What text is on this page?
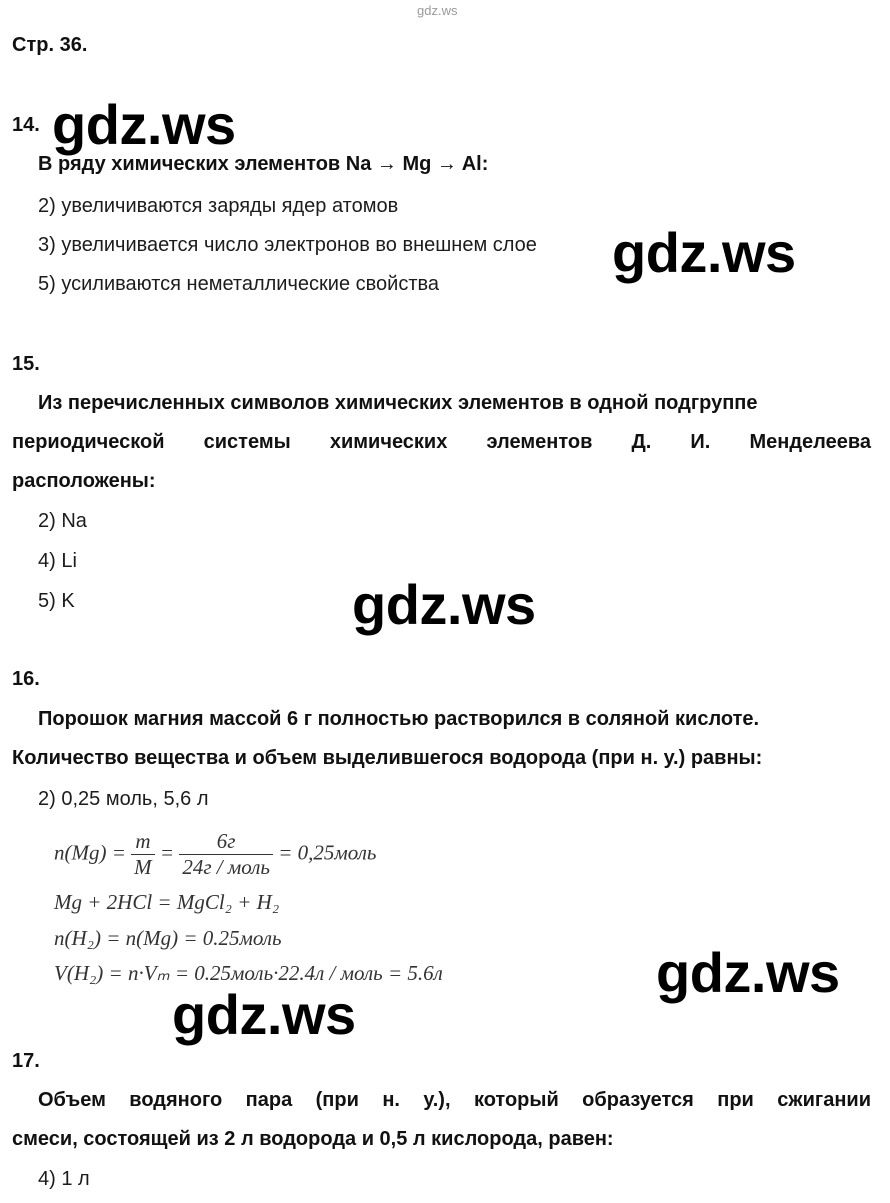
gdz.ws
Стр. 36.
14. gdz.ws
В ряду химических элементов Na → Mg → Al:
2) увеличиваются заряды ядер атомов
3) увеличивается число электронов во внешнем слое
5) усиливаются неметаллические свойства	gdz.ws
15.
Из перечисленных символов химических элементов в одной подгруппе
периодической системы химических элементов Д. И. Менделеева
расположены:
2) Na
4) Li
5) K	gdz.ws
16.
Порошок магния массой 6 г полностью растворился в соляной кислоте.
Количество вещества и объем выделившегося водорода (при н. у.) равны:
2) 0,25 моль, 5,6 л
$n(Mg) = \frac{m}{M} = \frac{6г}{\text{24г / моль}}$ = 0,25моль
Mg + 2HCl = MgCl₂ + H₂
n(H₂) = n(Mg) = 0.25моль
V(H₂) = n·Vₘ = 0.25моль·22.4л / моль = 5.6л	gdz.ws
gdz.ws
17.
Объем водяного пара (при н. у.), который образуется при сжигании
смеси, состоящей из 2 л водорода и 0,5 л кислорода, равен:
4) 1 л
